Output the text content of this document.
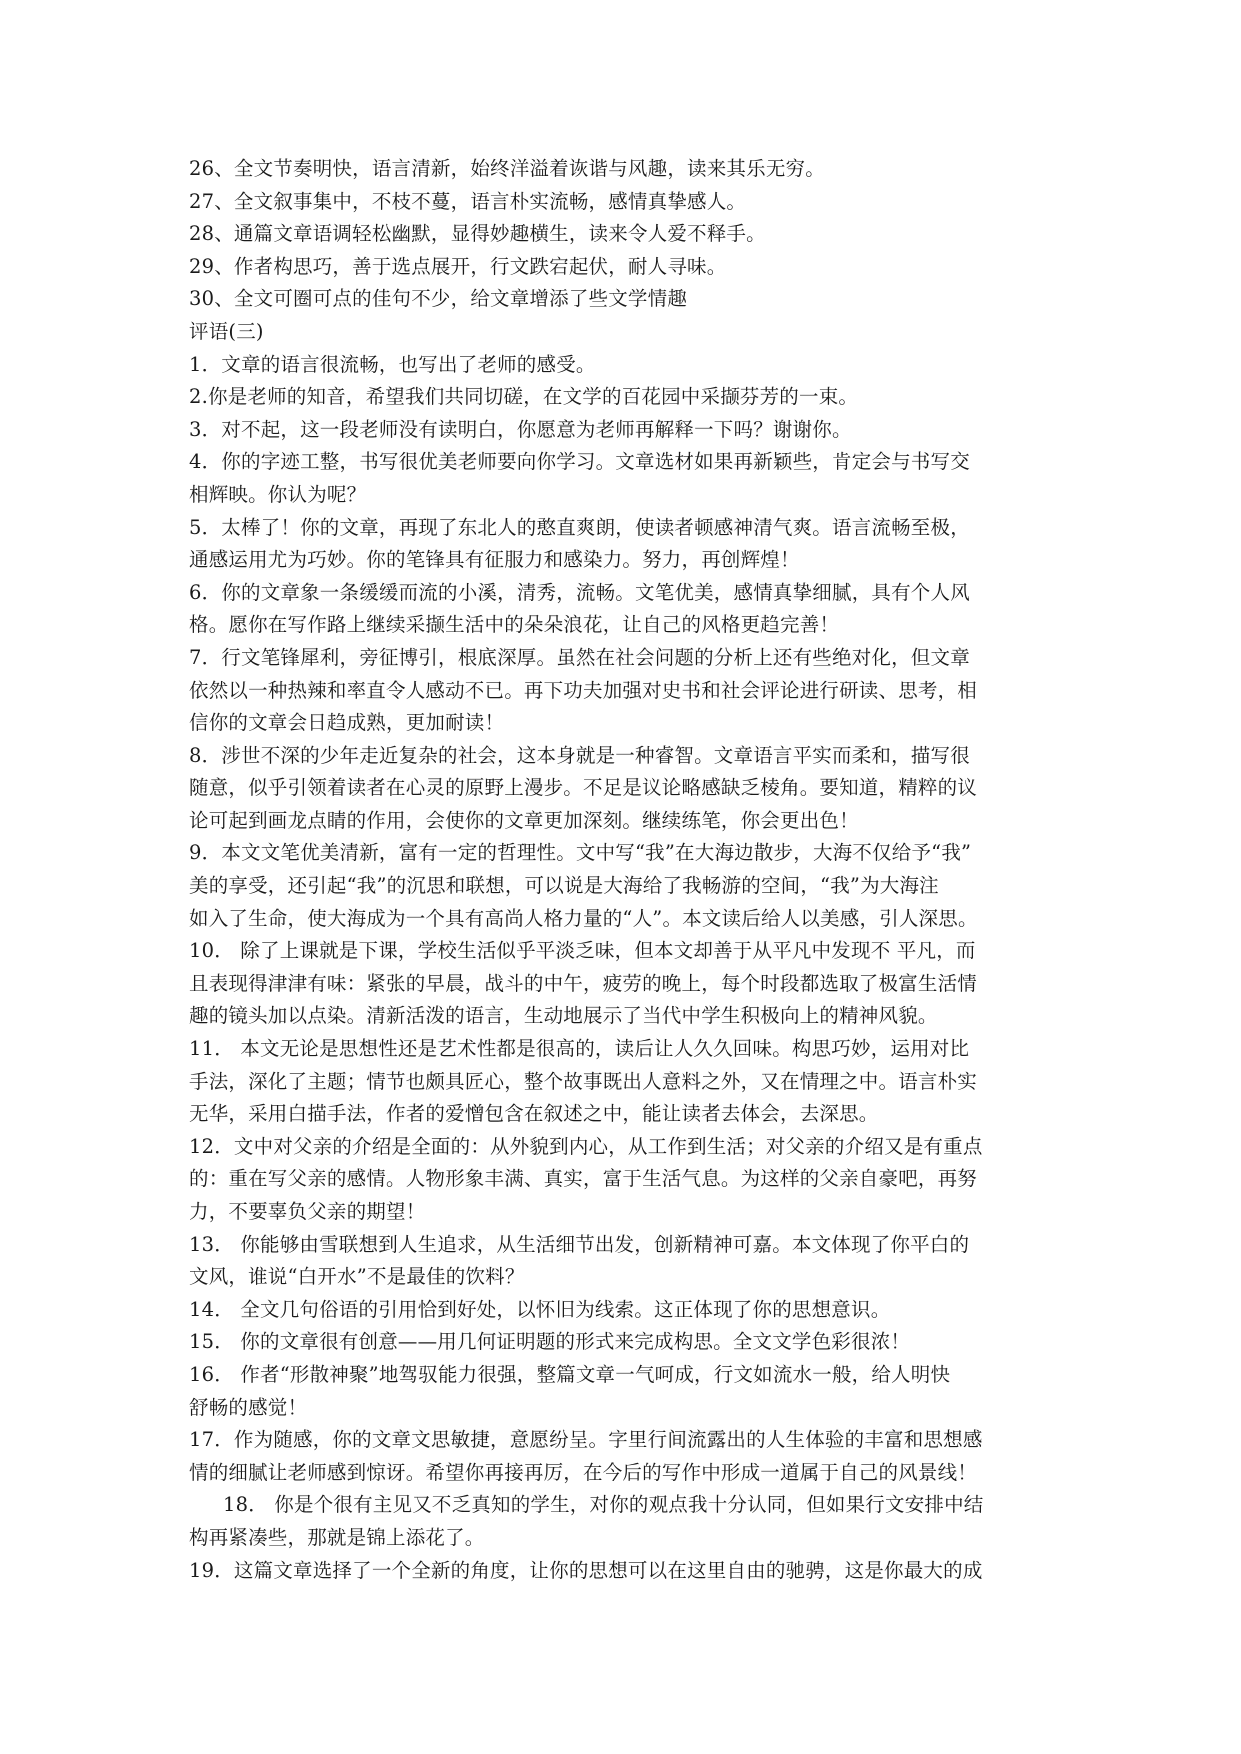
26、全文节奏明快，语言清新，始终洋溢着诙谐与风趣，读来其乐无穷。
27、全文叙事集中，不枝不蔓，语言朴实流畅，感情真挚感人。
28、通篇文章语调轻松幽默，显得妙趣横生，读来令人爱不释手。
29、作者构思巧，善于选点展开，行文跌宕起伏，耐人寻味。
30、全文可圈可点的佳句不少，给文章增添了些文学情趣
评语(三)
1．文章的语言很流畅，也写出了老师的感受。
2.你是老师的知音，希望我们共同切磋，在文学的百花园中采撷芬芳的一束。
3．对不起，这一段老师没有读明白，你愿意为老师再解释一下吗？谢谢你。
4．你的字迹工整，书写很优美老师要向你学习。文章选材如果再新颖些，肯定会与书写交
相辉映。你认为呢？
5．太棒了！你的文章，再现了东北人的憨直爽朗，使读者顿感神清气爽。语言流畅至极，
通感运用尤为巧妙。你的笔锋具有征服力和感染力。努力，再创辉煌！
6．你的文章象一条缓缓而流的小溪，清秀，流畅。文笔优美，感情真挚细腻，具有个人风
格。愿你在写作路上继续采撷生活中的朵朵浪花，让自己的风格更趋完善！
7．行文笔锋犀利，旁征博引，根底深厚。虽然在社会问题的分析上还有些绝对化，但文章
依然以一种热辣和率直令人感动不已。再下功夫加强对史书和社会评论进行研读、思考，相
信你的文章会日趋成熟，更加耐读！
8．涉世不深的少年走近复杂的社会，这本身就是一种睿智。文章语言平实而柔和，描写很
随意，似乎引领着读者在心灵的原野上漫步。不足是议论略感缺乏棱角。要知道，精粹的议
论可起到画龙点睛的作用，会使你的文章更加深刻。继续练笔，你会更出色！
9．本文文笔优美清新，富有一定的哲理性。文中写“我”在大海边散步，大海不仅给予“我”
美的享受，还引起“我”的沉思和联想，可以说是大海给了我畅游的空间，“我”为大海注
如入了生命，使大海成为一个具有高尚人格力量的“人”。本文读后给人以美感，引人深思。
10． 除了上课就是下课，学校生活似乎平淡乏味，但本文却善于从平凡中发现不 平凡，而
且表现得津津有味：紧张的早晨，战斗的中午，疲劳的晚上，每个时段都选取了极富生活情
趣的镜头加以点染。清新活泼的语言，生动地展示了当代中学生积极向上的精神风貌。
11． 本文无论是思想性还是艺术性都是很高的，读后让人久久回味。构思巧妙，运用对比
手法，深化了主题；情节也颇具匠心，整个故事既出人意料之外，又在情理之中。语言朴实
无华，采用白描手法，作者的爱憎包含在叙述之中，能让读者去体会，去深思。
12．文中对父亲的介绍是全面的：从外貌到内心，从工作到生活；对父亲的介绍又是有重点
的：重在写父亲的感情。人物形象丰满、真实，富于生活气息。为这样的父亲自豪吧，再努
力，不要辜负父亲的期望！
13． 你能够由雪联想到人生追求，从生活细节出发，创新精神可嘉。本文体现了你平白的
文风，谁说“白开水”不是最佳的饮料？
14． 全文几句俗语的引用恰到好处，以怀旧为线索。这正体现了你的思想意识。
15． 你的文章很有创意——用几何证明题的形式来完成构思。全文文学色彩很浓！
16． 作者“形散神聚”地驾驭能力很强，整篇文章一气呵成，行文如流水一般，给人明快
舒畅的感觉！
17．作为随感，你的文章文思敏捷，意愿纷呈。字里行间流露出的人生体验的丰富和思想感
情的细腻让老师感到惊讶。希望你再接再厉，在今后的写作中形成一道属于自己的风景线！
18． 你是个很有主见又不乏真知的学生，对你的观点我十分认同，但如果行文安排中结
构再紧凑些，那就是锦上添花了。
19．这篇文章选择了一个全新的角度，让你的思想可以在这里自由的驰骋，这是你最大的成
